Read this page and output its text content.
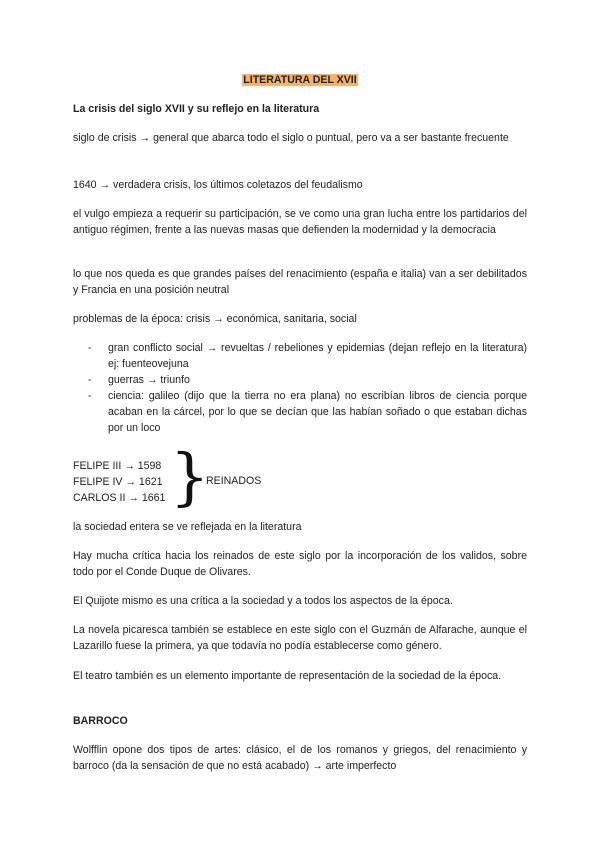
LITERATURA DEL XVII

La crisis del siglo XVII y su reflejo en la literatura

siglo de crisis → general que abarca todo el siglo o puntual, pero va a ser bastante frecuente

1640 → verdadera crisis, los últimos coletazos del feudalismo

el vulgo empieza a requerir su participación, se ve como una gran lucha entre los partidarios del antiguo régimen, frente a las nuevas masas que defienden la modernidad y la democracia

lo que nos queda es que grandes países del renacimiento (españa e italia) van a ser debilitados y Francia en una posición neutral

problemas de la época: crisis → económica, sanitaria, social

- gran conflicto social → revueltas / rebeliones y epidemias (dejan reflejo en la literatura) ej: fuenteovejuna
- guerras → triunfo
- ciencia: galileo (dijo que la tierra no era plana) no escribían libros de ciencia porque acaban en la cárcel, por lo que se decían que las habían soñado o que estaban dichas por un loco
FELIPE III → 1598
FELIPE IV → 1621
CARLOS II → 1661 }
REINADOS

la sociedad entera se ve reflejada en la literatura

Hay mucha crítica hacia los reinados de este siglo por la incorporación de los validos, sobre todo por el Conde Duque de Olivares.

El Quijote mismo es una crítica a la sociedad y a todos los aspectos de la época.

La novela picaresca también se establece en este siglo con el Guzmán de Alfarache, aunque el Lazarillo fuese la primera, ya que todavía no podía establecerse como género.

El teatro también es un elemento importante de representación de la sociedad de la época.

BARROCO

Wolfflin opone dos tipos de artes: clásico, el de los romanos y griegos, del renacimiento y barroco (da la sensación de que no está acabado) → arte imperfecto
